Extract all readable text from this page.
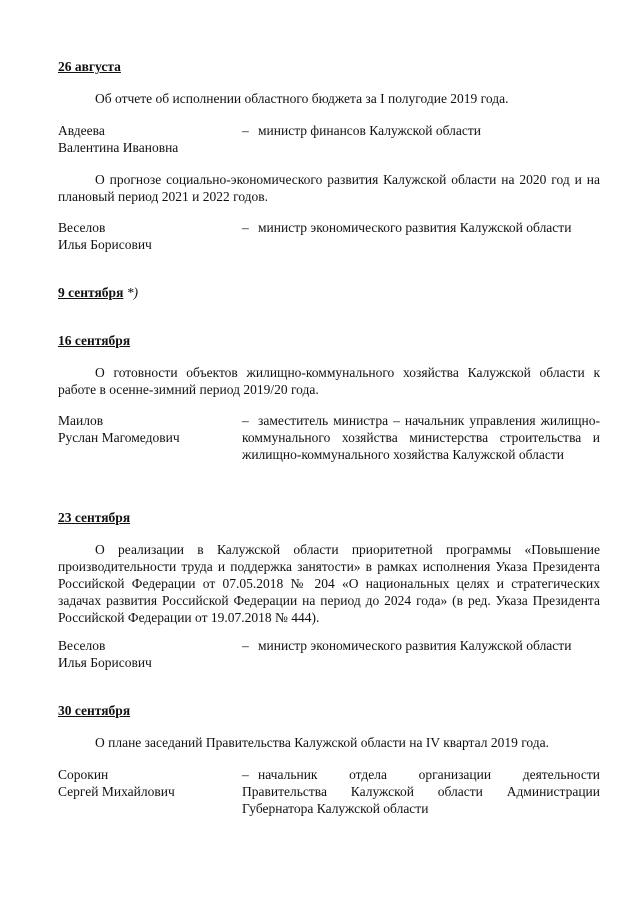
26 августа
Об отчете об исполнении областного бюджета за I полугодие 2019 года.
Авдеева
Валентина Ивановна
– министр финансов Калужской области
О прогнозе социально-экономического развития Калужской области на 2020 год и на плановый период 2021 и 2022 годов.
Веселов
Илья Борисович
– министр экономического развития Калужской области
9 сентября *)
16 сентября
О готовности объектов жилищно-коммунального хозяйства Калужской области к работе в осенне-зимний период 2019/20 года.
Маилов
Руслан Магомедович
– заместитель министра – начальник управления жилищно-коммунального хозяйства министерства строительства и жилищно-коммунального хозяйства Калужской области
23 сентября
О реализации в Калужской области приоритетной программы «Повышение производительности труда и поддержка занятости» в рамках исполнения Указа Президента Российской Федерации от 07.05.2018 № 204 «О национальных целях и стратегических задачах развития Российской Федерации на период до 2024 года» (в ред. Указа Президента Российской Федерации от 19.07.2018 № 444).
Веселов
Илья Борисович
– министр экономического развития Калужской области
30 сентября
О плане заседаний Правительства Калужской области на IV квартал 2019 года.
Сорокин
Сергей Михайлович
– начальник отдела организации деятельности Правительства Калужской области Администрации Губернатора Калужской области
